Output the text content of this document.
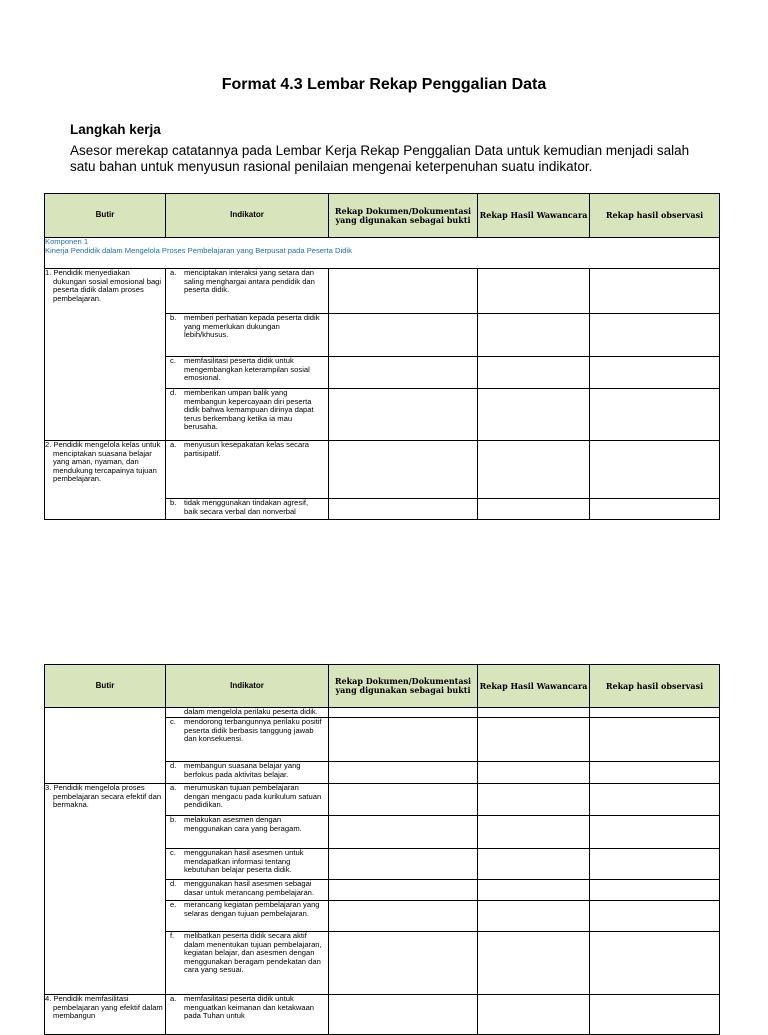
Format 4.3 Lembar Rekap Penggalian Data
Langkah kerja
Asesor merekap catatannya pada Lembar Kerja Rekap Penggalian Data untuk kemudian menjadi salah satu bahan untuk menyusun rasional penilaian mengenai keterpenuhan suatu indikator.
Butir	Indikator	Rekap Dokumen/Dokumentasi yang digunakan sebagai bukti	Rekap Hasil Wawancara	Rekap hasil observasi

Komponen 1
Kinerja Pendidik dalam Mengelola Proses Pembelajaran yang Berpusat pada Peserta Didik				

1. Pendidik menyediakan dukungan sosial emosional bagi peserta didik dalam proses pembelajaran.	a. menciptakan interaksi yang setara dan saling menghargai antara pendidik dan peserta didik.			

	b. memberi perhatian kepada peserta didik yang memerlukan dukungan lebih/khusus.			

	c. memfasilitasi peserta didik untuk mengembangkan keterampilan sosial emosional.			

	d. memberikan umpan balik yang membangun kepercayaan diri peserta didik bahwa kemampuan dirinya dapat terus berkembang ketika ia mau berusaha.			

2. Pendidik mengelola kelas untuk menciptakan suasana belajar yang aman, nyaman, dan mendukung tercapainya tujuan pembelajaran.	a. menyusun kesepakatan kelas secara partisipatif.			

	b. tidak menggunakan tindakan agresif, baik secara verbal dan nonverbal			

Butir	Indikator	Rekap Dokumen/Dokumentasi yang digunakan sebagai bukti	Rekap Hasil Wawancara	Rekap hasil observasi

	dalam mengelola perilaku peserta didik.			

	c. mendorong terbangunnya perilaku positif peserta didik berbasis tanggung jawab dan konsekuensi.			

	d. membangun suasana belajar yang berfokus pada aktivitas belajar.			

3. Pendidik mengelola proses pembelajaran secara efektif dan bermakna.	a. merumuskan tujuan pembelajaran dengan mengacu pada kurikulum satuan pendidikan.			

	b. melakukan asesmen dengan menggunakan cara yang beragam.			

	c. menggunakan hasil asesmen untuk mendapatkan informasi tentang kebutuhan belajar peserta didik.			

	d. menggunakan hasil asesmen sebagai dasar untuk merancang pembelajaran.			

	e. merancang kegiatan pembelajaran yang selaras dengan tujuan pembelajaran.			

	f. melibatkan peserta didik secara aktif dalam menentukan tujuan pembelajaran, kegiatan belajar, dan asesmen dengan menggunakan beragam pendekatan dan cara yang sesuai.			

4. Pendidik memfasilitasi pembelajaran yang efektif dalam membangun	a. memfasilitasi peserta didik untuk menguatkan keimanan dan ketakwaan pada Tuhan untuk			
